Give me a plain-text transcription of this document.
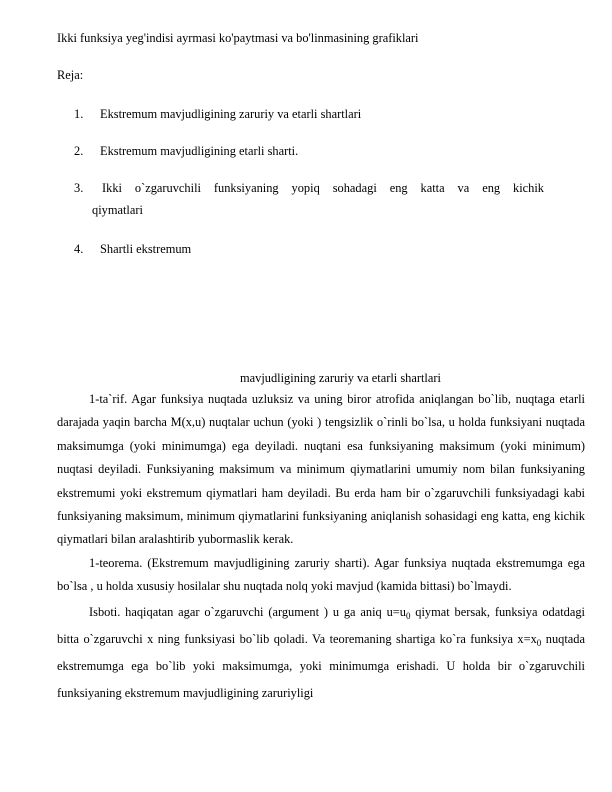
Ikki funksiya yeg'indisi ayrmasi ko'paytmasi va bo'linmasining grafiklari
Reja:
1.	Ekstremum mavjudligining zaruriy va etarli shartlari
2.	Ekstremum mavjudligining etarli sharti.
3.	Ikki o`zgaruvchili funksiyaning yopiq sohadagi eng katta va eng kichik
qiymatlari
4.	Shartli ekstremum
mavjudligining zaruriy va etarli shartlari

1-ta`rif. Agar funksiya nuqtada uzluksiz va uning biror atrofida aniqlangan bo`lib, nuqtaga etarli darajada yaqin barcha M(x,u) nuqtalar uchun (yoki ) tengsizlik o`rinli bo`lsa, u holda funksiyani nuqtada maksimumga (yoki minimumga) ega deyiladi. nuqtani esa funksiyaning maksimum (yoki minimum) nuqtasi deyiladi. Funksiyaning maksimum va minimum qiymatlarini umumiy nom bilan funksiyaning ekstremumi yoki ekstremum qiymatlari ham deyiladi. Bu erda ham bir o`zgaruvchili funksiyadagi kabi funksiyaning maksimum, minimum qiymatlarini funksiyaning aniqlanish sohasidagi eng katta, eng kichik qiymatlari bilan aralashtirib yubormaslik kerak.

1-teorema. (Ekstremum mavjudligining zaruriy sharti). Agar funksiya nuqtada ekstremumga ega bo`lsa , u holda xususiy hosilalar shu nuqtada nolq yoki mavjud (kamida bittasi) bo`lmaydi.

Isboti. haqiqatan agar o`zgaruvchi (argument ) u ga aniq $u=u_0$ qiymat bersak, funksiya odatdagi bitta o`zgaruvchi x ning funksiyasi bo`lib qoladi. Va teoremaning shartiga ko`ra funksiya $x=x_0$ nuqtada ekstremumga ega bo`lib yoki maksimumga, yoki minimumga erishadi. U holda bir o`zgaruvchili funksiyaning ekstremum mavjudligining zaruriyligi
